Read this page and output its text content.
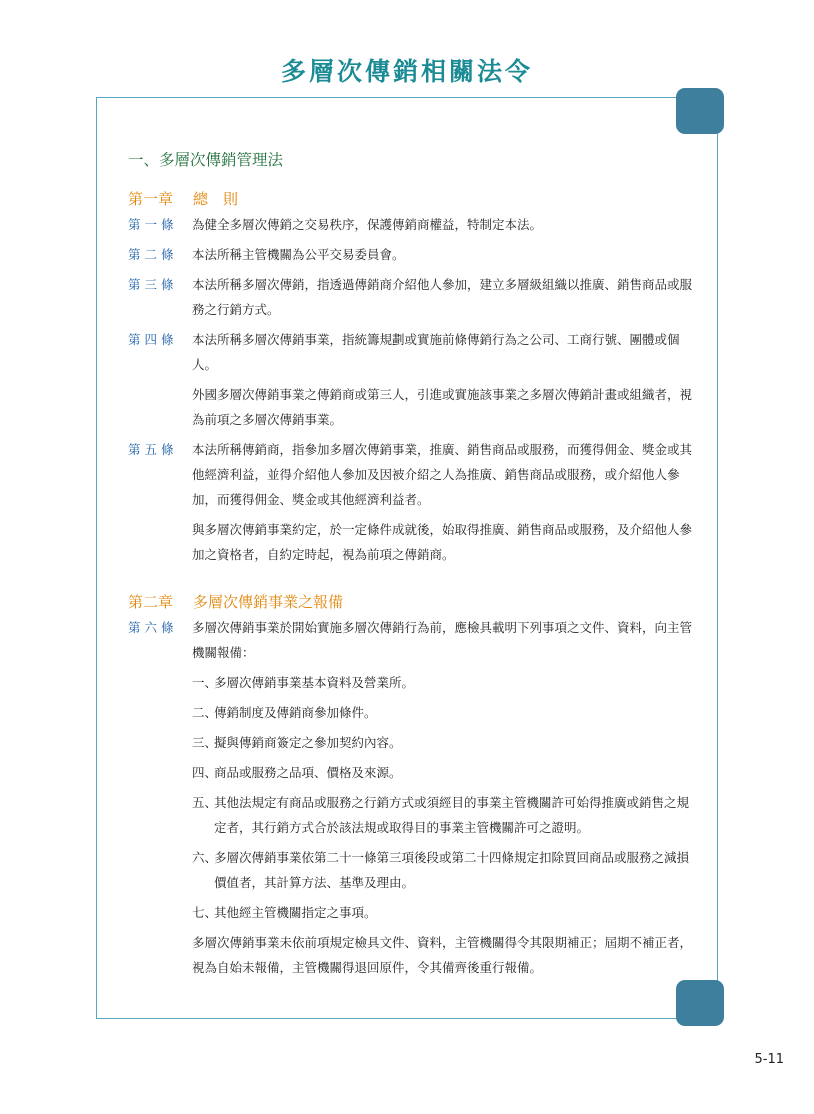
多層次傳銷相關法令
一、多層次傳銷管理法
第一章 總　則
第 一 條	為健全多層次傳銷之交易秩序，保護傳銷商權益，特制定本法。

第 二 條	本法所稱主管機關為公平交易委員會。

第 三 條	本法所稱多層次傳銷，指透過傳銷商介紹他人參加，建立多層級組織以推廣、銷售商品或服務之行銷方式。

第 四 條	本法所稱多層次傳銷事業，指統籌規劃或實施前條傳銷行為之公司、工商行號、團體或個人。

外國多層次傳銷事業之傳銷商或第三人，引進或實施該事業之多層次傳銷計畫或組織者，視為前項之多層次傳銷事業。

第 五 條	本法所稱傳銷商，指參加多層次傳銷事業，推廣、銷售商品或服務，而獲得佣金、獎金或其他經濟利益，並得介紹他人參加及因被介紹之人為推廣、銷售商品或服務，或介紹他人參加，而獲得佣金、獎金或其他經濟利益者。

與多層次傳銷事業約定，於一定條件成就後，始取得推廣、銷售商品或服務，及介紹他人參加之資格者，自約定時起，視為前項之傳銷商。

第二章 多層次傳銷事業之報備
第 六 條	多層次傳銷事業於開始實施多層次傳銷行為前，應檢具載明下列事項之文件、資料，向主管機關報備：

一、
多層次傳銷事業基本資料及營業所。
二、
傳銷制度及傳銷商參加條件。
三、
擬與傳銷商簽定之參加契約內容。
四、
商品或服務之品項、價格及來源。
五、
其他法規定有商品或服務之行銷方式或須經目的事業主管機關許可始得推廣或銷售之規定者，其行銷方式合於該法規或取得目的事業主管機關許可之證明。
六、
多層次傳銷事業依第二十一條第三項後段或第二十四條規定扣除買回商品或服務之減損價值者，其計算方法、基準及理由。
七、
其他經主管機關指定之事項。

多層次傳銷事業未依前項規定檢具文件、資料，主管機關得令其限期補正；屆期不補正者，視為自始未報備，主管機關得退回原件，令其備齊後重行報備。

5-11
